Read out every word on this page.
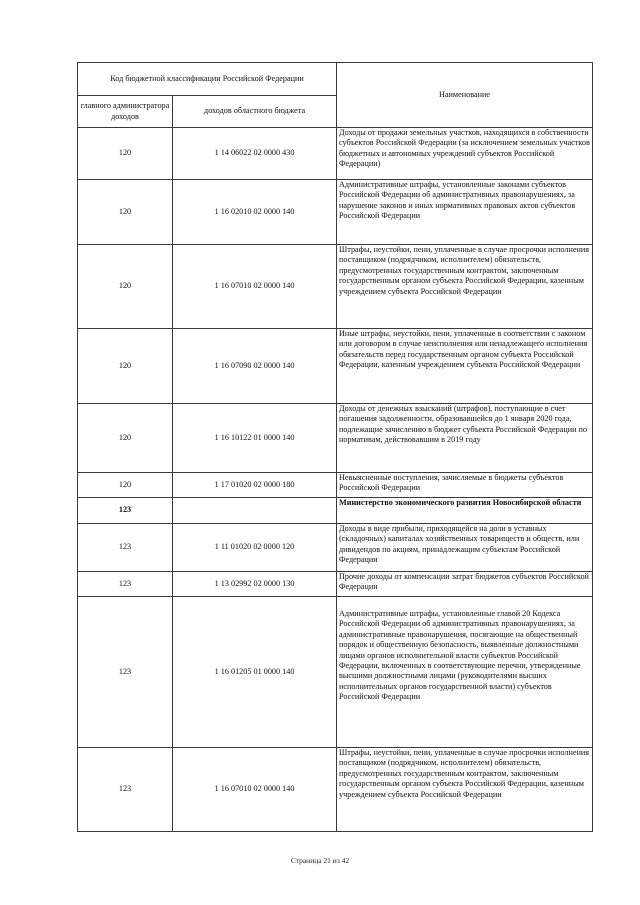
Код бюджетной классификации Российской Федерации		Наименование
главного администратора доходов	доходов областного бюджета	
120	1 14 06022 02 0000 430	Доходы от продажи земельных участков, находящихся в собственности субъектов Российской Федерации (за исключением земельных участков бюджетных и автономных учреждений субъектов Российской Федерации)
120	1 16 02010 02 0000 140	Административные штрафы, установленные законами субъектов Российской Федерации об административных правонарушениях, за нарушение законов и иных нормативных правовых актов субъектов Российской Федерации
120	1 16 07010 02 0000 140	Штрафы, неустойки, пени, уплаченные в случае просрочки исполнения поставщиком (подрядчиком, исполнителем) обязательств, предусмотренных государственным контрактом, заключенным государственным органом субъекта Российской Федерации, казенным учреждением субъекта Российской Федерации
120	1 16 07090 02 0000 140	Иные штрафы, неустойки, пени, уплаченные в соответствии с законом или договором в случае неисполнения или ненадлежащего исполнения обязательств перед государственным органом субъекта Российской Федерации, казенным учреждением субъекта Российской Федерации
120	1 16 10122 01 0000 140	Доходы от денежных взысканий (штрафов), поступающие в счет погашения задолженности, образовавшейся до 1 января 2020 года, подлежащие зачислению в бюджет субъекта Российской Федерации по нормативам, действовавшим в 2019 году
120	1 17 01020 02 0000 180	Невыясненные поступления, зачисляемые в бюджеты субъектов Российской Федерации
123		Министерство экономического развития Новосибирской области
123	1 11 01020 02 0000 120	Доходы в виде прибыли, приходящейся на доли в уставных (складочных) капиталах хозяйственных товариществ и обществ, или дивидендов по акциям, принадлежащим субъектам Российской Федерации
123	1 13 02992 02 0000 130	Прочие доходы от компенсации затрат бюджетов субъектов Российской Федерации
123	1 16 01205 01 0000 140	Административные штрафы, установленные главой 20 Кодекса Российской Федерации об административных правонарушениях, за административные правонарушения, посягающие на общественный порядок и общественную безопасность, выявленные должностными лицами органов исполнительной власти субъектов Российской Федерации, включенных в соответствующие перечни, утвержденные высшими должностными лицами (руководителями высших исполнительных органов государственной власти) субъектов Российской Федерации
123	1 16 07010 02 0000 140	Штрафы, неустойки, пени, уплаченные в случае просрочки исполнения поставщиком (подрядчиком, исполнителем) обязательств, предусмотренных государственным контрактом, заключенным государственным органом субъекта Российской Федерации, казенным учреждением субъекта Российской Федерации
Страница 21 из 42
